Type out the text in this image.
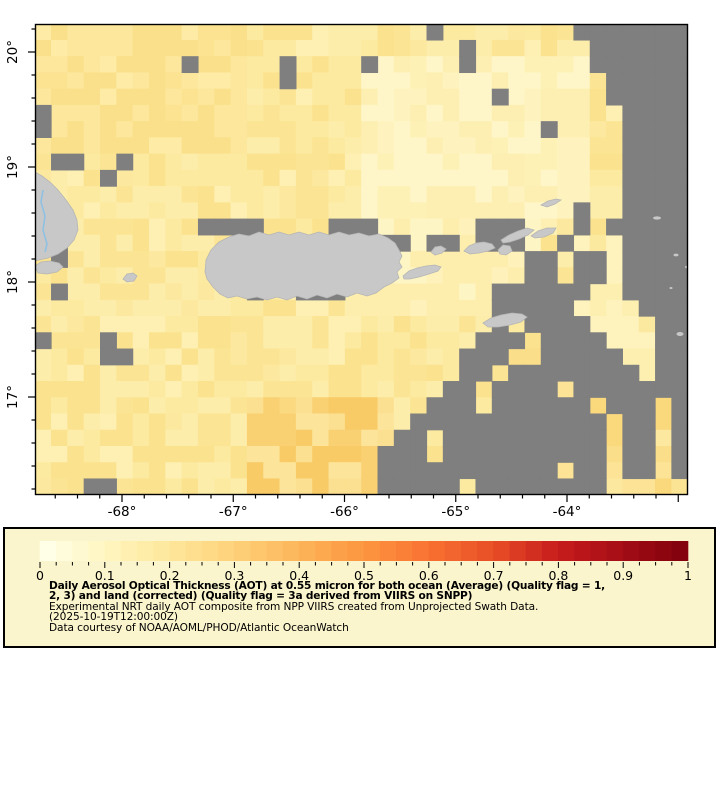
-68°	-67°	-66°	-65°	-64°
20°
19°
18°
17°
0	0.1	0.2	0.3	0.4	0.5	0.6	0.7	0.8	0.9	1
Daily Aerosol Optical Thickness (AOT) at 0.55 micron for both ocean (Average) (Quality flag = 1,
2, 3) and land (corrected) (Quality flag = 3a derived from VIIRS on SNPP)
Experimental NRT daily AOT composite from NPP VIIRS created from Unprojected Swath Data.
(2025-10-19T12:00:00Z)
Data courtesy of NOAA/AOML/PHOD/Atlantic OceanWatch
